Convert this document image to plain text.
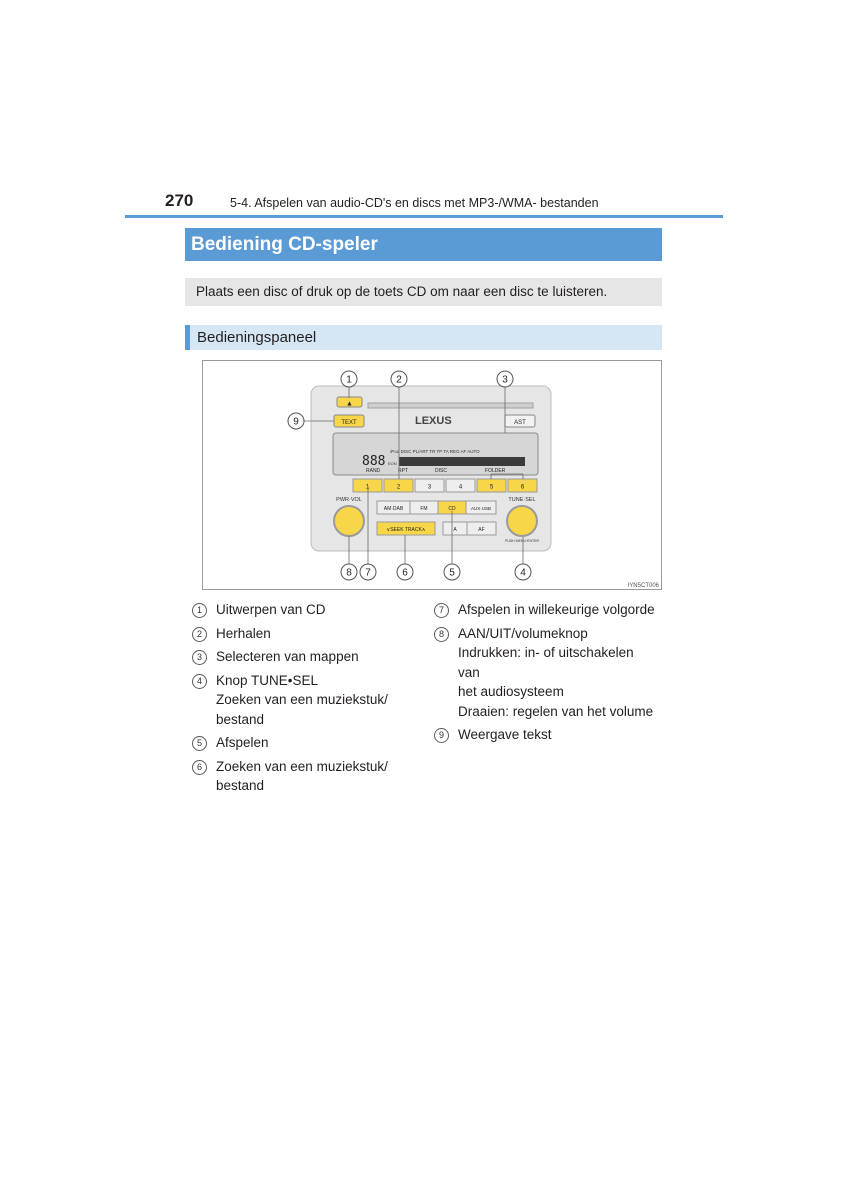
270	5-4. Afspelen van audio-CD's en discs met MP3-/WMA- bestanden
Bediening CD-speler
Plaats een disc of druk op de toets CD om naar een disc te luisteren.
Bedieningspaneel
LEXUS
▲
TEXT	AST
iPod DISC PL/ART TR TP TA REG AF AUTO
888 EON
RAND	RPT	DISC	FOLDER
1	2	3	4	5	6
PWR·VOL	TUNE·SEL
PUSH MENU·ENTER
AM·DAB	FM	CD	AUX·USB
∨SEEK TRACK∧	A	AF
1	2	3
9
8 7	6	5	4
IYN5CT006
1	Uitwerpen van CD
2	Herhalen
3	Selecteren van mappen
4	Knop TUNE•SEL
Zoeken van een muziekstuk/
bestand
5	Afspelen
6	Zoeken van een muziekstuk/
bestand
7	Afspelen in willekeurige volgorde
8	AAN/UIT/volumeknop
Indrukken: in- of uitschakelen van
het audiosysteem
Draaien: regelen van het volume
9	Weergave tekst
